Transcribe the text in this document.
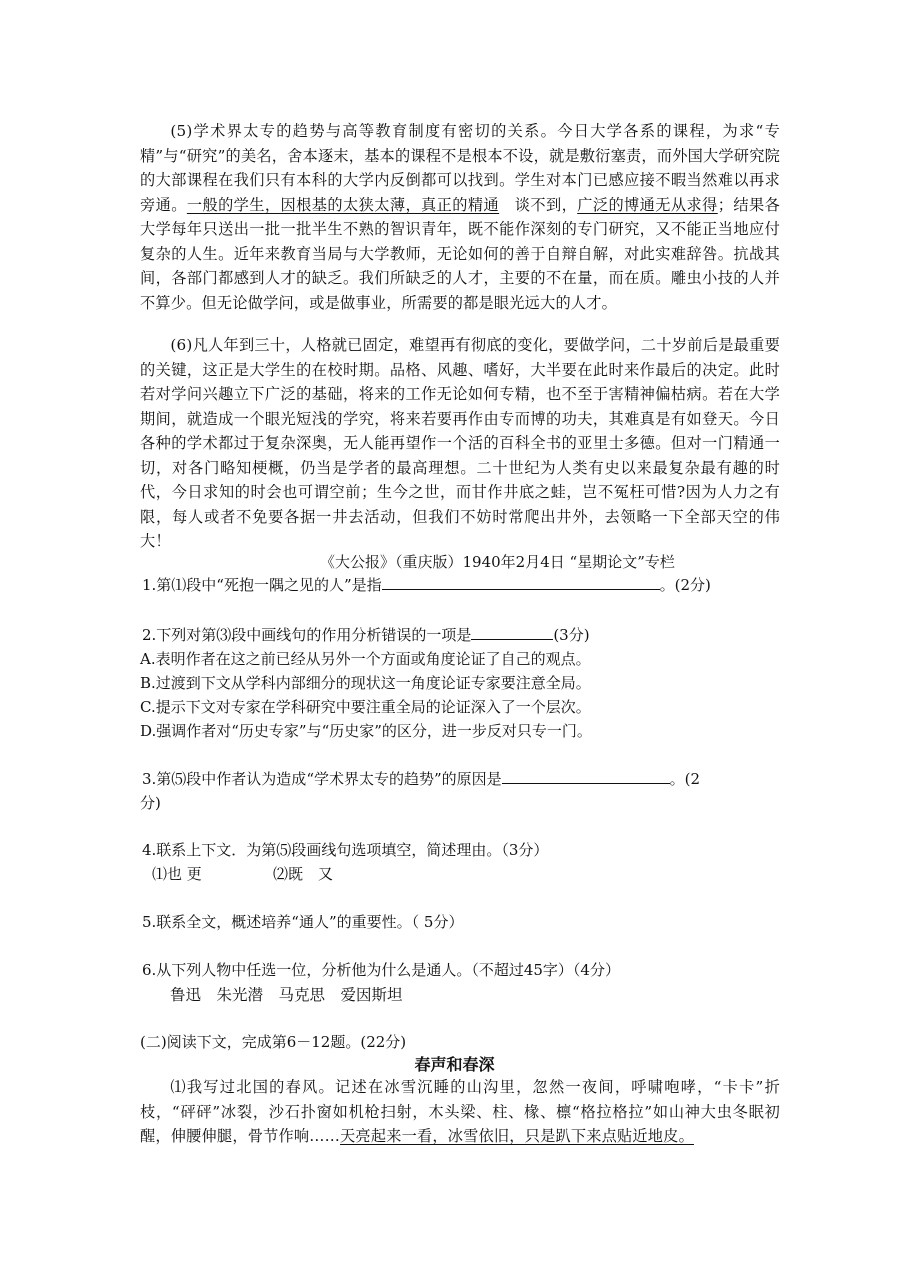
(5)学术界太专的趋势与高等教育制度有密切的关系。今日大学各系的课程，为求“专精”与“研究”的美名，舍本逐末，基本的课程不是根本不设，就是敷衍塞责，而外国大学研究院的大部课程在我们只有本科的大学内反倒都可以找到。学生对本门已感应接不暇当然难以再求旁通。一般的学生，因根基的太狭太薄，真正的精通　谈不到，广泛的博通无从求得；结果各大学每年只送出一批一批半生不熟的智识青年，既不能作深刻的专门研究，又不能正当地应付复杂的人生。近年来教育当局与大学教师，无论如何的善于自辩自解，对此实难辞咎。抗战其间，各部门都感到人才的缺乏。我们所缺乏的人才，主要的不在量，而在质。雕虫小技的人并不算少。但无论做学问，或是做事业，所需要的都是眼光远大的人才。

(6)凡人年到三十，人格就已固定，难望再有彻底的变化，要做学问，二十岁前后是最重要的关键，这正是大学生的在校时期。品格、风趣、嗜好，大半要在此时来作最后的决定。此时若对学问兴趣立下广泛的基础，将来的工作无论如何专精，也不至于害精神偏枯病。若在大学期间，就造成一个眼光短浅的学究，将来若要再作由专而博的功夫，其难真是有如登天。今日各种的学术都过于复杂深奥，无人能再望作一个活的百科全书的亚里士多德。但对一门精通一切，对各门略知梗概，仍当是学者的最高理想。二十世纪为人类有史以来最复杂最有趣的时代，今日求知的时会也可谓空前；生今之世，而甘作井底之蛙，岂不冤枉可惜?因为人力之有限，每人或者不免要各据一井去活动，但我们不妨时常爬出井外，去领略一下全部天空的伟大！

《大公报》（重庆版）1940年2月4日 “星期论文”专栏
1.第⑴段中“死抱一隅之见的人”是指	。(2分)
2.下列对第⑶段中画线句的作用分析错误的一项是	(3分)
A.表明作者在这之前已经从另外一个方面或角度论证了自己的观点。
B.过渡到下文从学科内部细分的现状这一角度论证专家要注意全局。
C.提示下文对专家在学科研究中要注重全局的论证深入了一个层次。
D.强调作者对“历史专家”与“历史家”的区分，进一步反对只专一门。
3.第⑸段中作者认为造成“学术界太专的趋势”的原因是	。(2
分)
4.联系上下文．为第⑸段画线句选项填空，简述理由。（3分）
⑴也 更	⑵既　又
5.联系全文，概述培养“通人”的重要性。（ 5分）
6.从下列人物中任选一位，分析他为什么是通人。（不超过45字）（4分）
鲁迅　朱光潜　马克思　爱因斯坦
(二)阅读下文，完成第6－12题。(22分)
春声和春深

⑴我写过北国的春风。记述在冰雪沉睡的山沟里，忽然一夜间，呼啸咆哮，“卡卡”折枝，“砰砰”冰裂，沙石扑窗如机枪扫射，木头梁、柱、椽、檩“格拉格拉”如山神大虫冬眠初醒，伸腰伸腿，骨节作响……天亮起来一看，冰雪依旧，只是趴下来点贴近地皮。
